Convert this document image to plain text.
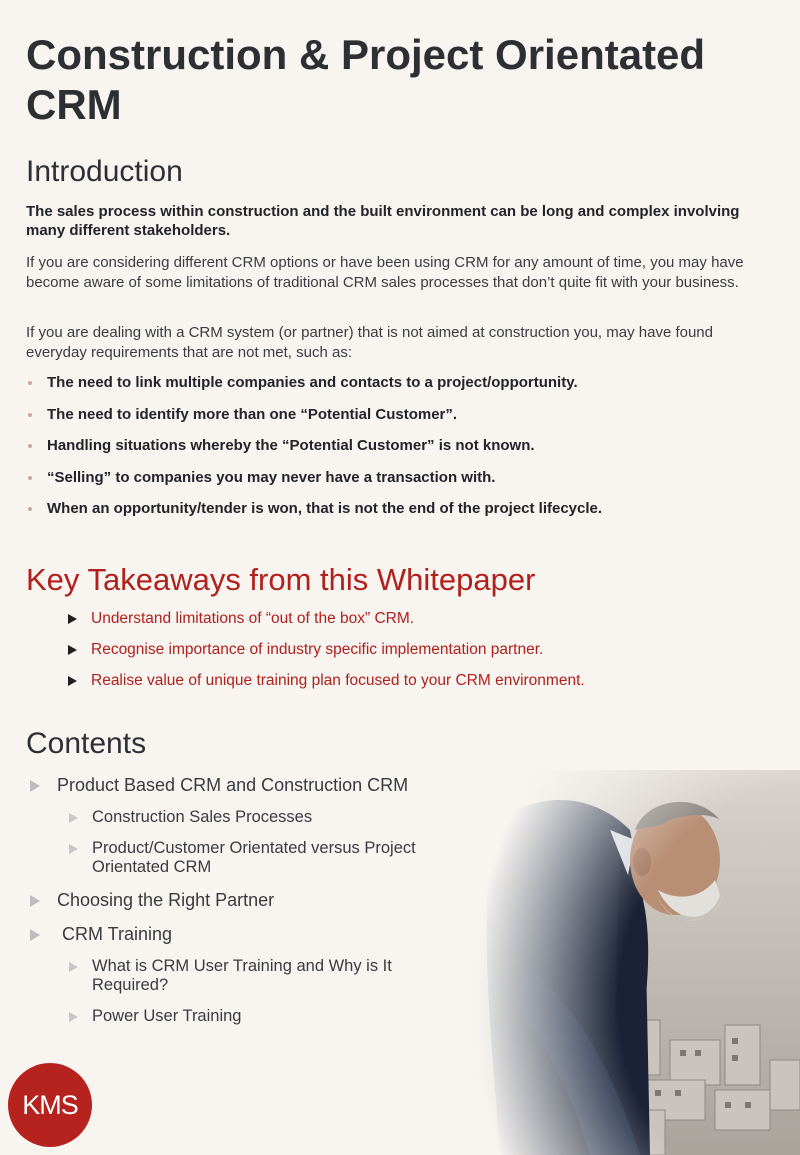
Construction & Project Orientated CRM
Introduction

The sales process within construction and the built environment can be long and complex involving many different stakeholders.

If you are considering different CRM options or have been using CRM for any amount of time, you may have become aware of some limitations of traditional CRM sales processes that don’t quite fit with your business.

If you are dealing with a CRM system (or partner) that is not aimed at construction you, may have found everyday requirements that are not met, such as:

The need to link multiple companies and contacts to a project/opportunity.
The need to identify more than one “Potential Customer”.
Handling situations whereby the “Potential Customer” is not known.
“Selling” to companies you may never have a transaction with.
When an opportunity/tender is won, that is not the end of the project lifecycle.
Key Takeaways from this Whitepaper
Understand limitations of “out of the box” CRM.
Recognise importance of industry specific implementation partner.
Realise value of unique training plan focused to your CRM environment.
Contents
Product Based CRM and Construction CRM
Construction Sales Processes
Product/Customer Orientated versus Project Orientated CRM
Choosing the Right Partner
CRM Training
What is CRM User Training and Why is It Required?
Power User Training
KMS
